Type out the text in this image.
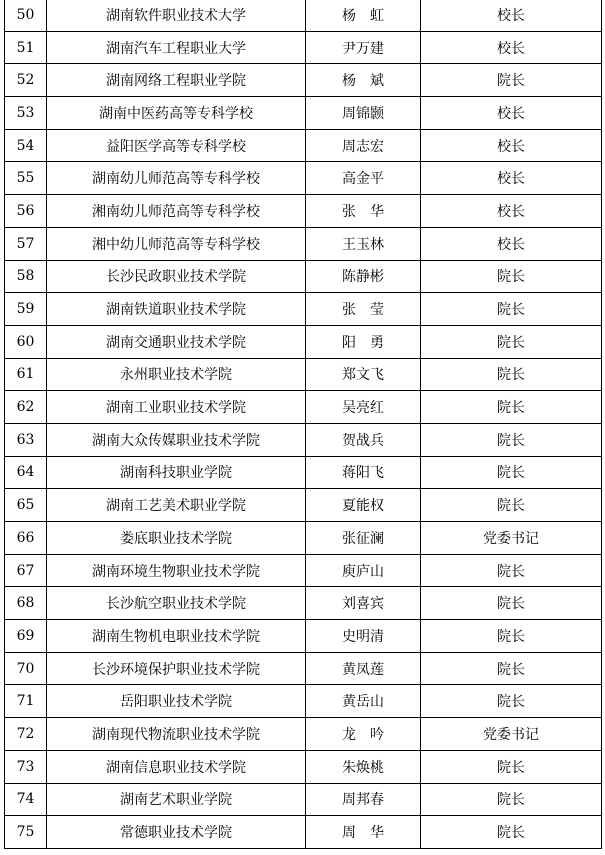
50	湖南软件职业技术大学	杨　虹	校长
51	湖南汽车工程职业大学	尹万建	校长
52	湖南网络工程职业学院	杨　斌	院长
53	湖南中医药高等专科学校	周锦颢	校长
54	益阳医学高等专科学校	周志宏	校长
55	湖南幼儿师范高等专科学校	高金平	校长
56	湘南幼儿师范高等专科学校	张　华	校长
57	湘中幼儿师范高等专科学校	王玉林	校长
58	长沙民政职业技术学院	陈静彬	院长
59	湖南铁道职业技术学院	张　莹	院长
60	湖南交通职业技术学院	阳　勇	院长
61	永州职业技术学院	郑文飞	院长
62	湖南工业职业技术学院	吴亮红	院长
63	湖南大众传媒职业技术学院	贺战兵	院长
64	湖南科技职业学院	蒋阳飞	院长
65	湖南工艺美术职业学院	夏能权	院长
66	娄底职业技术学院	张征澜	党委书记
67	湖南环境生物职业技术学院	庾庐山	院长
68	长沙航空职业技术学院	刘喜宾	院长
69	湖南生物机电职业技术学院	史明清	院长
70	长沙环境保护职业技术学院	黄凤莲	院长
71	岳阳职业技术学院	黄岳山	院长
72	湖南现代物流职业技术学院	龙　吟	党委书记
73	湖南信息职业技术学院	朱焕桃	院长
74	湖南艺术职业学院	周邦春	院长
75	常德职业技术学院	周　华	院长
